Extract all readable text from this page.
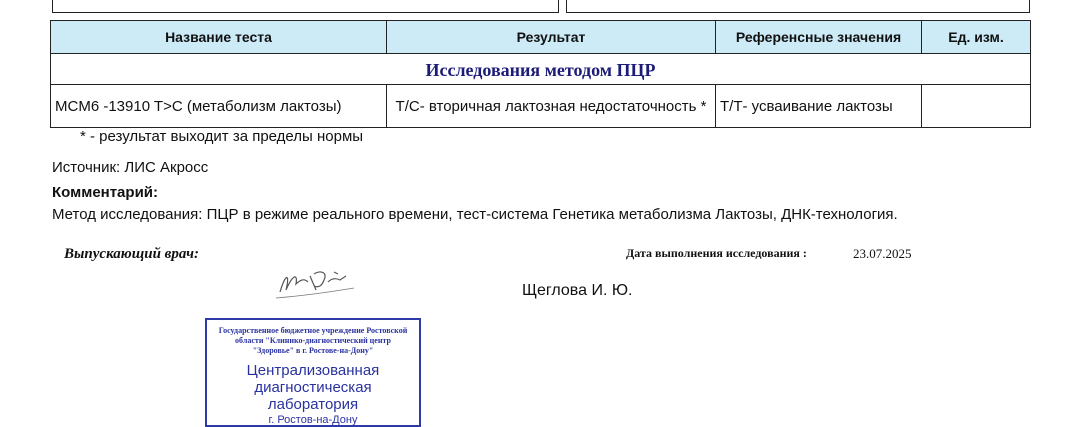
Название теста	Результат	Референсные значения	Ед. изм.
Исследования методом ПЦР			
MCM6 -13910 T>C (метаболизм лактозы)	Т/С- вторичная лактозная недостаточность *	Т/Т- усваивание лактозы	
* - результат выходит за пределы нормы
Источник: ЛИС Акросс
Комментарий:
Метод исследования: ПЦР в режиме реального времени, тест-система Генетика метаболизма Лактозы, ДНК-технология.
Выпускающий врач:	Дата выполнения исследования :	23.07.2025
Щеглова И. Ю.
Государственное бюджетное учреждение Ростовской области "Клинико-диагностический центр "Здоровье" в г. Ростове-на-Дону"
Централизованная
диагностическая
лаборатория
г. Ростов-на-Дону
